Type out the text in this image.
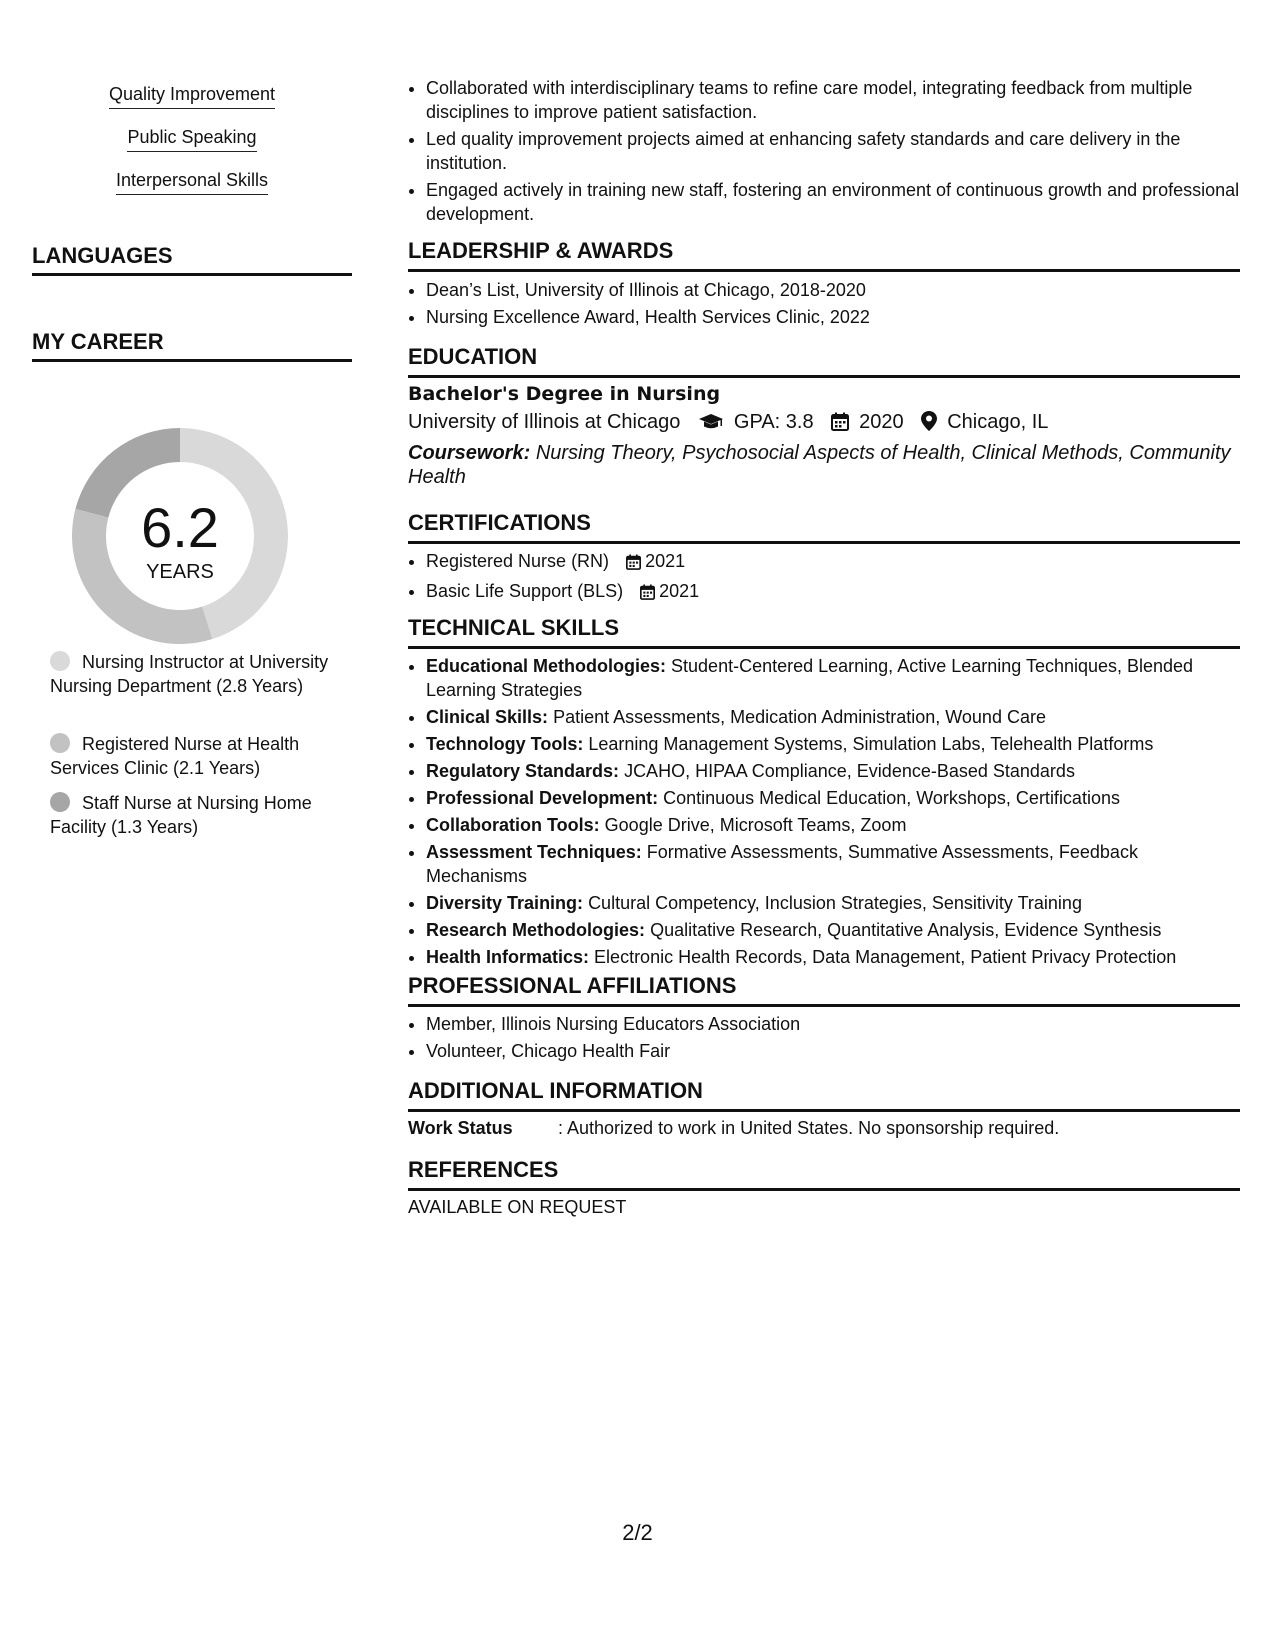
Quality Improvement
Public Speaking
Interpersonal Skills
LANGUAGES
MY CAREER
6.2
YEARS
Nursing Instructor at University Nursing Department (2.8 Years)
Registered Nurse at Health Services Clinic (2.1 Years)
Staff Nurse at Nursing Home Facility (1.3 Years)
• Collaborated with interdisciplinary teams to refine care model, integrating feedback from multiple disciplines to improve patient satisfaction.
• Led quality improvement projects aimed at enhancing safety standards and care delivery in the institution.
• Engaged actively in training new staff, fostering an environment of continuous growth and professional development.
LEADERSHIP & AWARDS
• Dean’s List, University of Illinois at Chicago, 2018-2020
• Nursing Excellence Award, Health Services Clinic, 2022
EDUCATION
Bachelor's Degree in Nursing
University of Illinois at Chicago	GPA: 3.8 2020 Chicago, IL
Coursework: Nursing Theory, Psychosocial Aspects of Health, Clinical Methods, Community Health
CERTIFICATIONS
• Registered Nurse (RN) 2021
• Basic Life Support (BLS) 2021
TECHNICAL SKILLS
• Educational Methodologies: Student-Centered Learning, Active Learning Techniques, Blended Learning Strategies
• Clinical Skills: Patient Assessments, Medication Administration, Wound Care
• Technology Tools: Learning Management Systems, Simulation Labs, Telehealth Platforms
• Regulatory Standards: JCAHO, HIPAA Compliance, Evidence-Based Standards
• Professional Development: Continuous Medical Education, Workshops, Certifications
• Collaboration Tools: Google Drive, Microsoft Teams, Zoom
• Assessment Techniques: Formative Assessments, Summative Assessments, Feedback Mechanisms
• Diversity Training: Cultural Competency, Inclusion Strategies, Sensitivity Training
• Research Methodologies: Qualitative Research, Quantitative Analysis, Evidence Synthesis
• Health Informatics: Electronic Health Records, Data Management, Patient Privacy Protection
PROFESSIONAL AFFILIATIONS
• Member, Illinois Nursing Educators Association
• Volunteer, Chicago Health Fair
ADDITIONAL INFORMATION
Work Status	: Authorized to work in United States. No sponsorship required.
REFERENCES
AVAILABLE ON REQUEST
2/2
